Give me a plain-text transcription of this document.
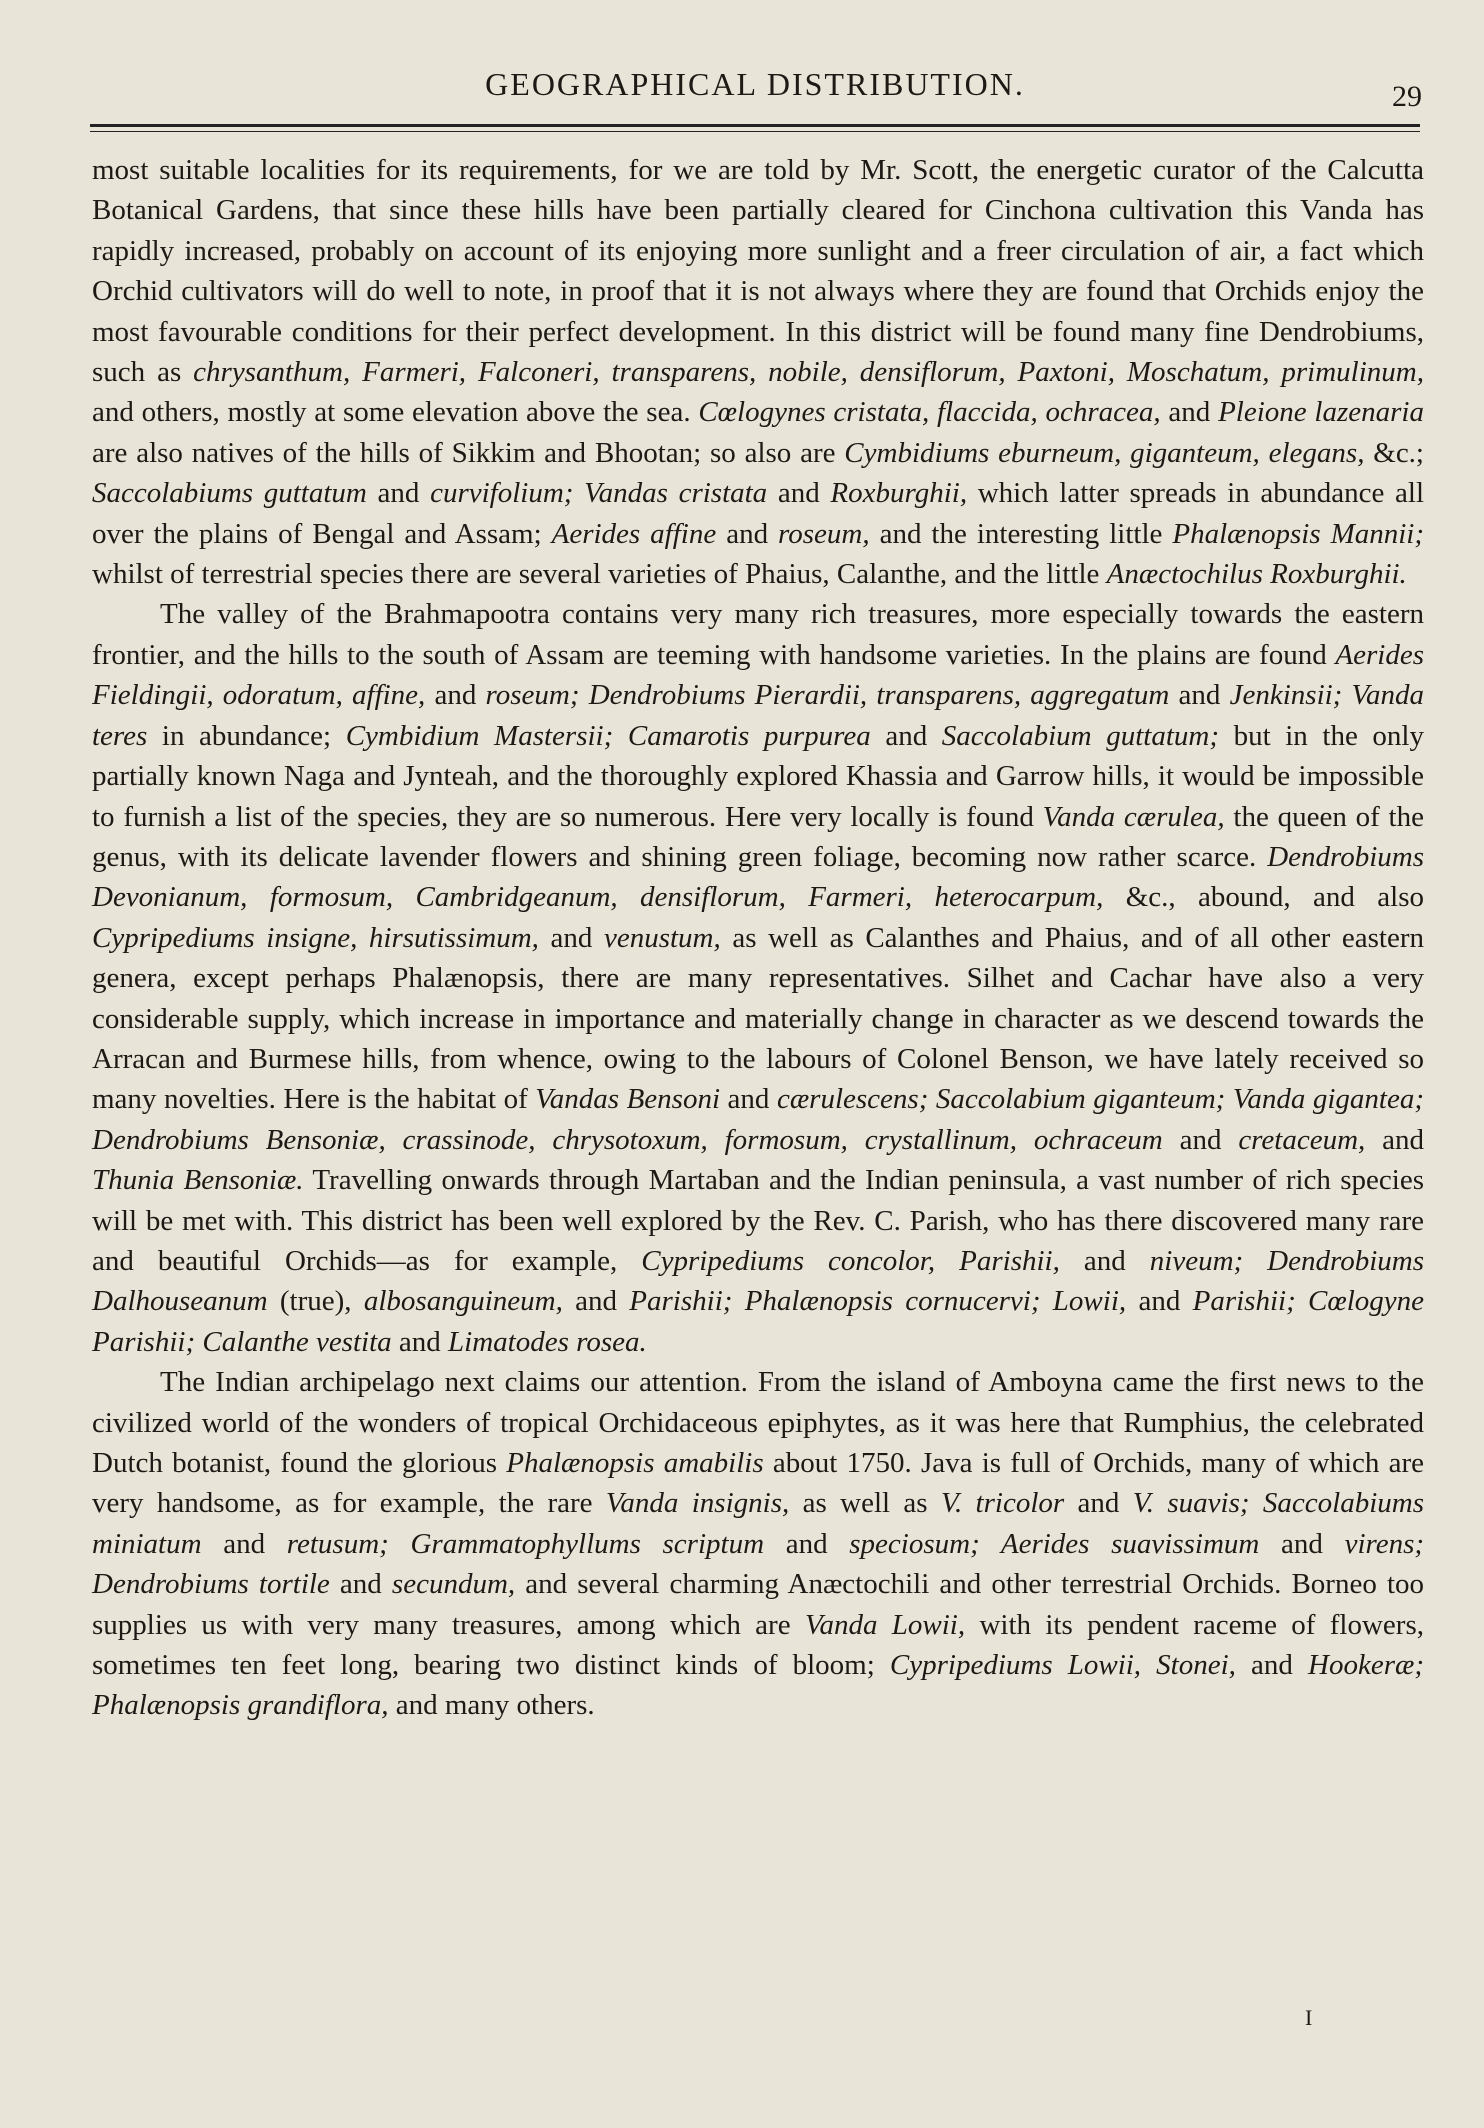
GEOGRAPHICAL DISTRIBUTION.	29

most suitable localities for its requirements, for we are told by Mr. Scott, the energetic curator of the Calcutta Botanical Gardens, that since these hills have been partially cleared for Cinchona cultivation this Vanda has rapidly increased, probably on account of its enjoying more sunlight and a freer circulation of air, a fact which Orchid cultivators will do well to note, in proof that it is not always where they are found that Orchids enjoy the most favourable conditions for their perfect development. In this district will be found many fine Dendrobiums, such as chrysanthum, Farmeri, Falconeri, transparens, nobile, densiflorum, Paxtoni, Moschatum, primulinum, and others, mostly at some elevation above the sea. Cœlogynes cristata, flaccida, ochracea, and Pleione lazenaria are also natives of the hills of Sikkim and Bhootan; so also are Cymbidiums eburneum, giganteum, elegans, &c.; Saccolabiums guttatum and curvifolium; Vandas cristata and Roxburghii, which latter spreads in abundance all over the plains of Bengal and Assam; Aerides affine and roseum, and the interesting little Phalænopsis Mannii; whilst of terrestrial species there are several varieties of Phaius, Calanthe, and the little Anæctochilus Roxburghii.

The valley of the Brahmapootra contains very many rich treasures, more especially towards the eastern frontier, and the hills to the south of Assam are teeming with handsome varieties. In the plains are found Aerides Fieldingii, odoratum, affine, and roseum; Dendrobiums Pierardii, transparens, aggregatum and Jenkinsii; Vanda teres in abundance; Cymbidium Mastersii; Camarotis purpurea and Saccolabium guttatum; but in the only partially known Naga and Jynteah, and the thoroughly explored Khassia and Garrow hills, it would be impossible to furnish a list of the species, they are so numerous. Here very locally is found Vanda cærulea, the queen of the genus, with its delicate lavender flowers and shining green foliage, becoming now rather scarce. Dendrobiums Devonianum, formosum, Cambridgeanum, densiflorum, Farmeri, heterocarpum, &c., abound, and also Cypripediums insigne, hirsutissimum, and venustum, as well as Calanthes and Phaius, and of all other eastern genera, except perhaps Phalænopsis, there are many representatives. Silhet and Cachar have also a very considerable supply, which increase in importance and materially change in character as we descend towards the Arracan and Burmese hills, from whence, owing to the labours of Colonel Benson, we have lately received so many novelties. Here is the habitat of Vandas Bensoni and cærulescens; Saccolabium giganteum; Vanda gigantea; Dendrobiums Bensoniæ, crassinode, chrysotoxum, formosum, crystallinum, ochraceum and cretaceum, and Thunia Bensoniæ. Travelling onwards through Martaban and the Indian peninsula, a vast number of rich species will be met with. This district has been well explored by the Rev. C. Parish, who has there discovered many rare and beautiful Orchids—as for example, Cypripediums concolor, Parishii, and niveum; Dendrobiums Dalhouseanum (true), albosanguineum, and Parishii; Phalænopsis cornucervi; Lowii, and Parishii; Cœlogyne Parishii; Calanthe vestita and Limatodes rosea.

The Indian archipelago next claims our attention. From the island of Amboyna came the first news to the civilized world of the wonders of tropical Orchidaceous epiphytes, as it was here that Rumphius, the celebrated Dutch botanist, found the glorious Phalænopsis amabilis about 1750. Java is full of Orchids, many of which are very handsome, as for example, the rare Vanda insignis, as well as V. tricolor and V. suavis; Saccolabiums miniatum and retusum; Grammatophyllums scriptum and speciosum; Aerides suavissimum and virens; Dendrobiums tortile and secundum, and several charming Anæctochili and other terrestrial Orchids. Borneo too supplies us with very many treasures, among which are Vanda Lowii, with its pendent raceme of flowers, sometimes ten feet long, bearing two distinct kinds of bloom; Cypripediums Lowii, Stonei, and Hookeræ; Phalænopsis grandiflora, and many others.

I
